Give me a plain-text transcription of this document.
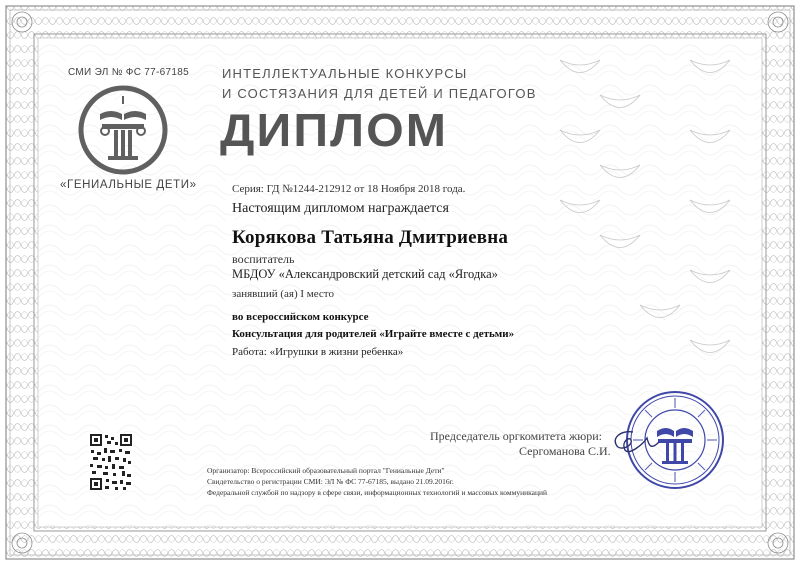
СМИ ЭЛ № ФС 77-67185
«ГЕНИАЛЬНЫЕ ДЕТИ»
ИНТЕЛЛЕКТУАЛЬНЫЕ КОНКУРСЫ
И СОСТЯЗАНИЯ ДЛЯ ДЕТЕЙ И ПЕДАГОГОВ
ДИПЛОМ
Серия: ГД №1244-212912 от 18 Ноября 2018 года.
Настоящим дипломом награждается
Корякова Татьяна Дмитриевна
воспитатель
МБДОУ «Александровский детский сад «Ягодка»
занявший (ая) I место
во всероссийском конкурсе
Консультация для родителей «Играйте вместе с детьми»
Работа: «Игрушки в жизни ребенка»
Председатель оргкомитета жюри:
Сергоманова С.И.
Организатор: Всероссийский образовательный портал "Гениальные Дети"
Свидетельство о регистрации СМИ: ЭЛ № ФС 77-67185, выдано 21.09.2016г.
Федеральной службой по надзору в сфере связи, информационных технологий и массовых коммуникаций
